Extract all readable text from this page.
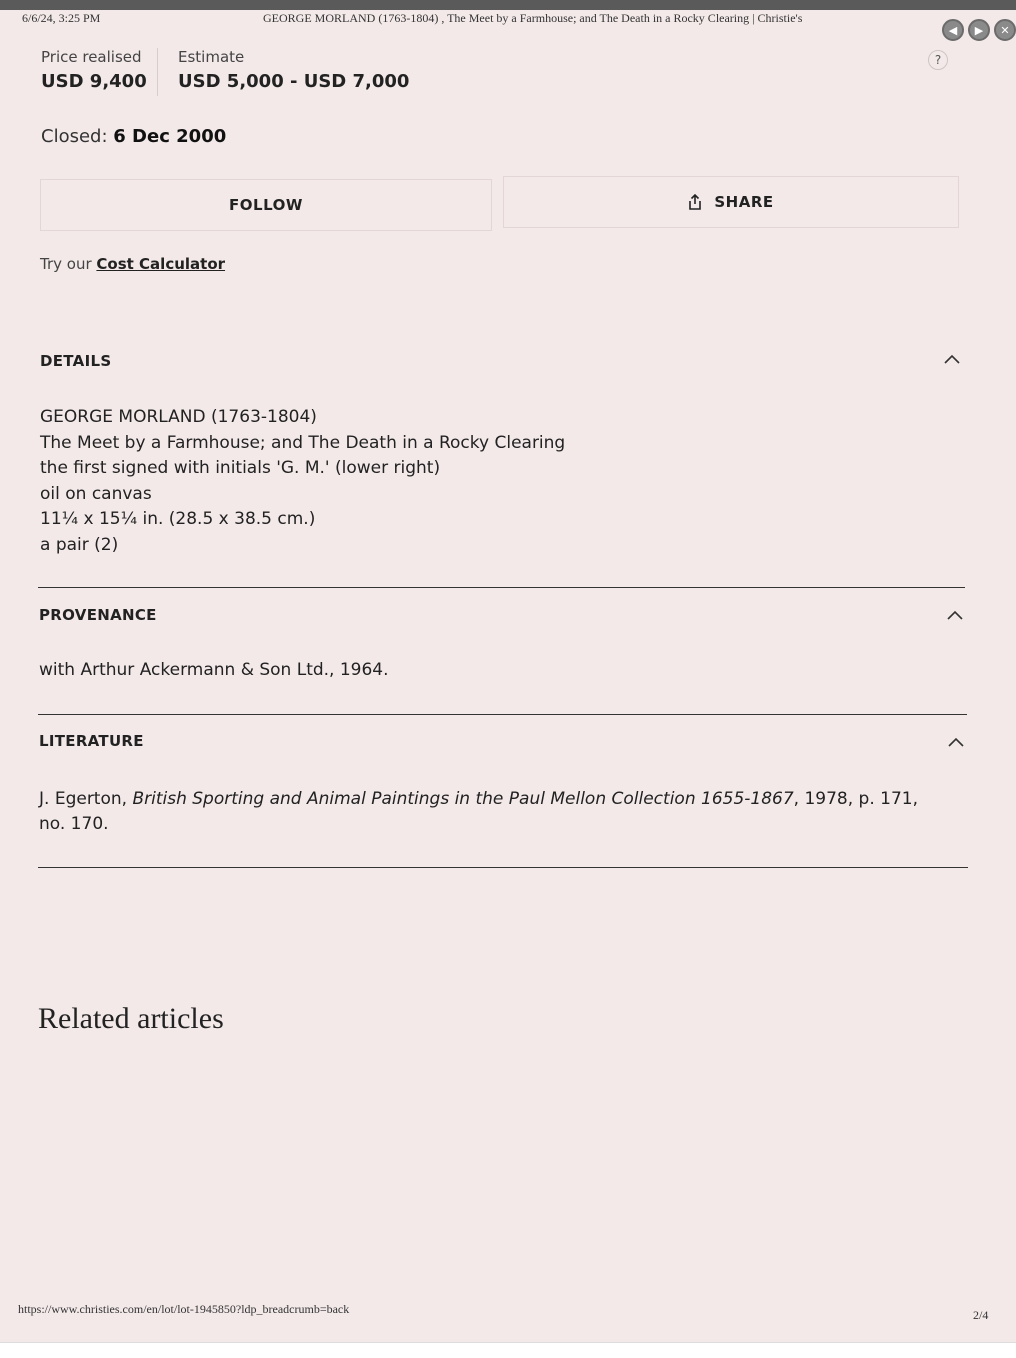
6/6/24, 3:25 PM	GEORGE MORLAND (1763-1804) , The Meet by a Farmhouse; and The Death in a Rocky Clearing | Christie's
◀	▶	✕
?
Price realised
USD 9,400
Estimate
USD 5,000 - USD 7,000
Closed: 6 Dec 2000
FOLLOW	SHARE
Try our Cost Calculator
DETAILS
GEORGE MORLAND (1763-1804)
The Meet by a Farmhouse; and The Death in a Rocky Clearing
the first signed with initials 'G. M.' (lower right)
oil on canvas
11¼ x 15¼ in. (28.5 x 38.5 cm.)
a pair (2)
PROVENANCE
with Arthur Ackermann & Son Ltd., 1964.
LITERATURE
J. Egerton, British Sporting and Animal Paintings in the Paul Mellon Collection 1655-1867, 1978, p. 171, no. 170.
Related articles
https://www.christies.com/en/lot/lot-1945850?ldp_breadcrumb=back	2/4
